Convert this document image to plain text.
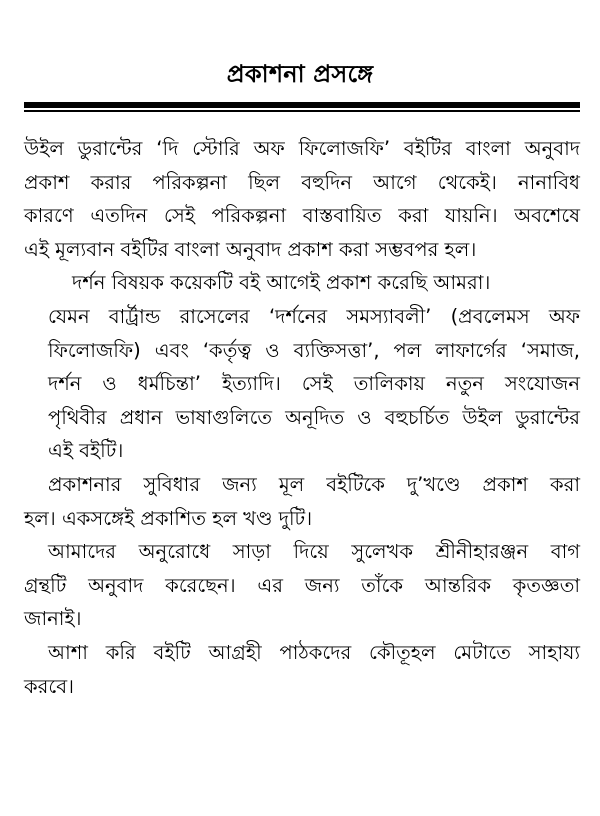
প্রকাশনা প্রসঙ্গে

উইল ডুরান্টের ‘দি স্টোরি অফ ফিলোজফি’ বইটির বাংলা অনুবাদ
প্রকাশ করার পরিকল্পনা ছিল বহুদিন আগে থেকেই। নানাবিধ
কারণে এতদিন সেই পরিকল্পনা বাস্তবায়িত করা যায়নি। অবশেষে
এই মূল্যবান বইটির বাংলা অনুবাদ প্রকাশ করা সম্ভবপর হল।

দর্শন বিষয়ক কয়েকটি বই আগেই প্রকাশ করেছি আমরা।
যেমন বার্ট্রান্ড রাসেলের ‘দর্শনের সমস্যাবলী’ (প্রবলেমস অফ
ফিলোজফি) এবং ‘কর্তৃত্ব ও ব্যক্তিসত্তা’, পল লাফার্গের ‘সমাজ,
দর্শন ও ধর্মচিন্তা’ ইত্যাদি। সেই তালিকায় নতুন সংযোজন
পৃথিবীর প্রধান ভাষাগুলিতে অনূদিত ও বহুচর্চিত উইল ডুরান্টের
এই বইটি।

প্রকাশনার সুবিধার জন্য মূল বইটিকে দু’খণ্ডে প্রকাশ করা
হল। একসঙ্গেই প্রকাশিত হল খণ্ড দুটি।

আমাদের অনুরোধে সাড়া দিয়ে সুলেখক শ্রীনীহারঞ্জন বাগ
গ্রন্থটি অনুবাদ করেছেন। এর জন্য তাঁকে আন্তরিক কৃতজ্ঞতা
জানাই।

আশা করি বইটি আগ্রহী পাঠকদের কৌতূহল মেটাতে সাহায্য
করবে।
